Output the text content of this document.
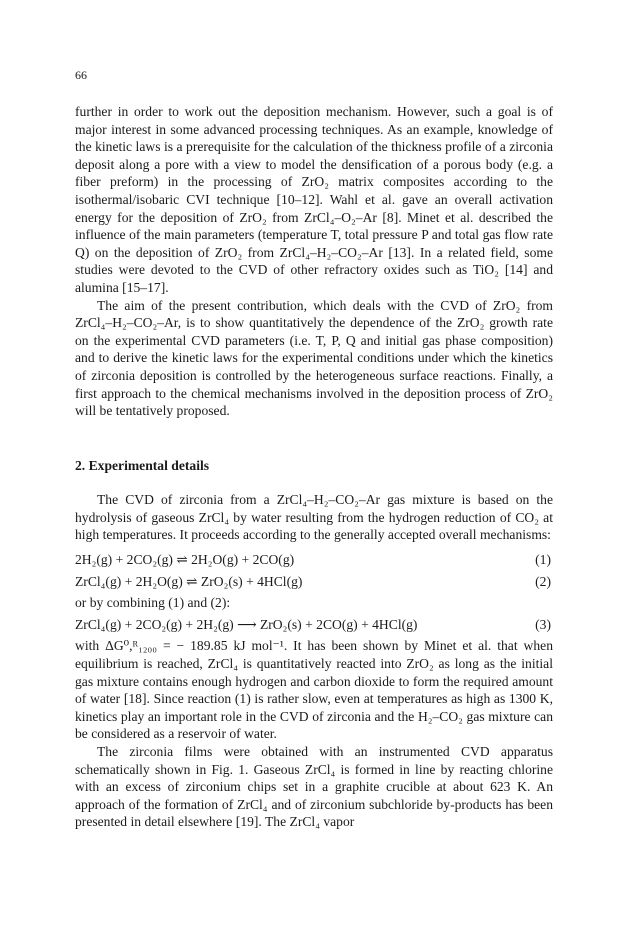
66

further in order to work out the deposition mechanism. However, such a goal is of major interest in some advanced processing techniques. As an example, knowledge of the kinetic laws is a prerequisite for the calculation of the thickness profile of a zirconia deposit along a pore with a view to model the densification of a porous body (e.g. a fiber preform) in the processing of ZrO₂ matrix composites according to the isothermal/isobaric CVI technique [10–12]. Wahl et al. gave an overall activation energy for the deposition of ZrO₂ from ZrCl₄–O₂–Ar [8]. Minet et al. described the influence of the main parameters (temperature T, total pressure P and total gas flow rate Q) on the deposition of ZrO₂ from ZrCl₄–H₂–CO₂–Ar [13]. In a related field, some studies were devoted to the CVD of other refractory oxides such as TiO₂ [14] and alumina [15–17].

The aim of the present contribution, which deals with the CVD of ZrO₂ from ZrCl₄–H₂–CO₂–Ar, is to show quantitatively the dependence of the ZrO₂ growth rate on the experimental CVD parameters (i.e. T, P, Q and initial gas phase composition) and to derive the kinetic laws for the experimental conditions under which the kinetics of zirconia deposition is controlled by the heterogeneous surface reactions. Finally, a first approach to the chemical mechanisms involved in the deposition process of ZrO₂ will be tentatively proposed.

2. Experimental details

The CVD of zirconia from a ZrCl₄–H₂–CO₂–Ar gas mixture is based on the hydrolysis of gaseous ZrCl₄ by water resulting from the hydrogen reduction of CO₂ at high temperatures. It proceeds according to the generally accepted overall mechanisms:

2H₂(g) + 2CO₂(g) ⇌ 2H₂O(g) + 2CO(g)	(1)
ZrCl₄(g) + 2H₂O(g) ⇌ ZrO₂(s) + 4HCl(g)	(2)
or by combining (1) and (2):
ZrCl₄(g) + 2CO₂(g) + 2H₂(g) ⟶ ZrO₂(s) + 2CO(g) + 4HCl(g)	(3)

with ΔG⁰,ᴿ₁₂₀₀ = − 189.85 kJ mol⁻¹. It has been shown by Minet et al. that when equilibrium is reached, ZrCl₄ is quantitatively reacted into ZrO₂ as long as the initial gas mixture contains enough hydrogen and carbon dioxide to form the required amount of water [18]. Since reaction (1) is rather slow, even at temperatures as high as 1300 K, kinetics play an important role in the CVD of zirconia and the H₂–CO₂ gas mixture can be considered as a reservoir of water.

The zirconia films were obtained with an instrumented CVD apparatus schematically shown in Fig. 1. Gaseous ZrCl₄ is formed in line by reacting chlorine with an excess of zirconium chips set in a graphite crucible at about 623 K. An approach of the formation of ZrCl₄ and of zirconium subchloride by-products has been presented in detail elsewhere [19]. The ZrCl₄ vapor
